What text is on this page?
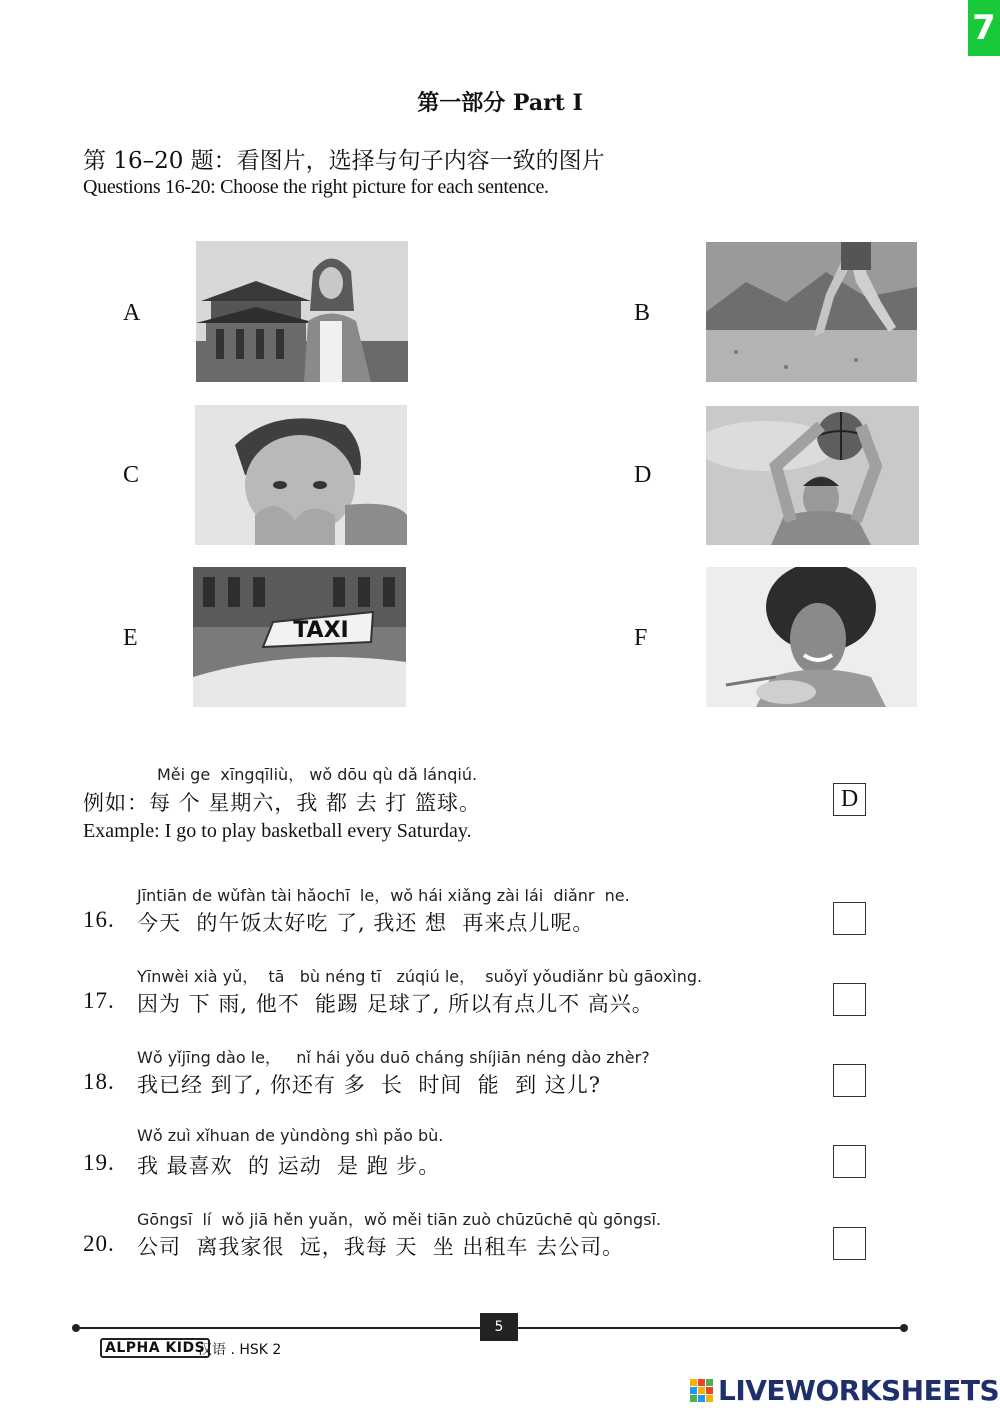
7
第一部分 Part Ⅰ
第 16–20 题：看图片，选择与句子内容一致的图片
Questions 16-20: Choose the right picture for each sentence.
A	B
C	D
E	TAXI	F
Měi ge  xīngqīliù， wǒ dōu qù dǎ lánqiú.
例如：每 个 星期六，我 都 去 打 篮球。	D
Example: I go to play basketball every Saturday.
Jīntiān de wǔfàn tài hǎochī  le，wǒ hái xiǎng zài lái  diǎnr  ne.
16. 今天  的午饭太好吃 了, 我还 想  再来点儿呢。
Yīnwèi xià yǔ，  tā   bù néng tī   zúqiú le，  suǒyǐ yǒudiǎnr bù gāoxìng.
17. 因为 下 雨, 他不  能踢 足球了, 所以有点儿不 高兴。
Wǒ yǐjīng dào le，   nǐ hái yǒu duō cháng shíjiān néng dào zhèr?
18. 我已经 到了, 你还有 多  长  时间  能  到 这儿?
Wǒ zuì xǐhuan de yùndòng shì pǎo bù.
19. 我 最喜欢  的 运动  是 跑 步。
Gōngsī  lí  wǒ jiā hěn yuǎn，wǒ měi tiān zuò chūzūchē qù gōngsī.
20. 公司  离我家很  远，我每 天  坐 出租车 去公司。
5
ALPHA KIDS
汉语 . HSK 2
LIVEWORKSHEETS
